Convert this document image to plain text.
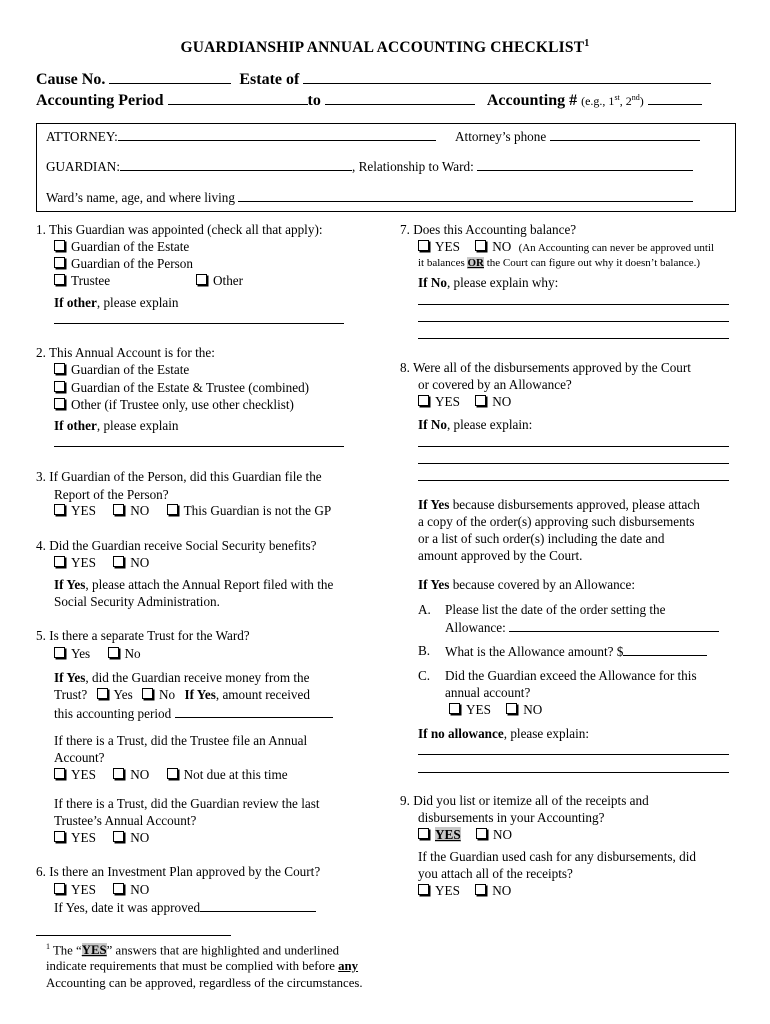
GUARDIANSHIP ANNUAL ACCOUNTING CHECKLIST$^1$
Cause No.	Estate of
Accounting Period	to	Accounting # (e.g., 1st, 2nd)
ATTORNEY:	Attorney’s phone
GUARDIAN:	, Relationship to Ward:
Ward’s name, age, and where living
1. This Guardian was appointed (check all that apply):
Guardian of the Estate
Guardian of the Person
Trustee	Other
If other, please explain
2. This Annual Account is for the:
Guardian of the Estate
Guardian of the Estate & Trustee (combined)
Other (if Trustee only, use other checklist)
If other, please explain
3. If Guardian of the Person, did this Guardian file the
Report of the Person?
YES	NO	This Guardian is not the GP
4. Did the Guardian receive Social Security benefits?
YES	NO
If Yes, please attach the Annual Report filed with the
Social Security Administration.
5. Is there a separate Trust for the Ward?
Yes	No
If Yes, did the Guardian receive money from the
Trust? Yes No If Yes, amount received
this accounting period
If there is a Trust, did the Trustee file an Annual
Account?
YES	NO	Not due at this time
If there is a Trust, did the Guardian review the last
Trustee’s Annual Account?
YES	NO
6. Is there an Investment Plan approved by the Court?
YES	NO
If Yes, date it was approved
$^1$ The “YES” answers that are highlighted and underlined
indicate requirements that must be complied with before any
Accounting can be approved, regardless of the circumstances.
7. Does this Accounting balance?
YES NO (An Accounting can never be approved until
it balances OR the Court can figure out why it doesn’t balance.)
If No, please explain why:
8. Were all of the disbursements approved by the Court
or covered by an Allowance?
YES NO
If No, please explain:
If Yes because disbursements approved, please attach
a copy of the order(s) approving such disbursements
or a list of such order(s) including the date and
amount approved by the Court.
If Yes because covered by an Allowance:
A. Please list the date of the order setting the
Allowance:
B. What is the Allowance amount? $
C. Did the Guardian exceed the Allowance for this
annual account?
YES NO
If no allowance, please explain:
9. Did you list or itemize all of the receipts and
disbursements in your Accounting?
YES NO
If the Guardian used cash for any disbursements, did
you attach all of the receipts?
YES NO
